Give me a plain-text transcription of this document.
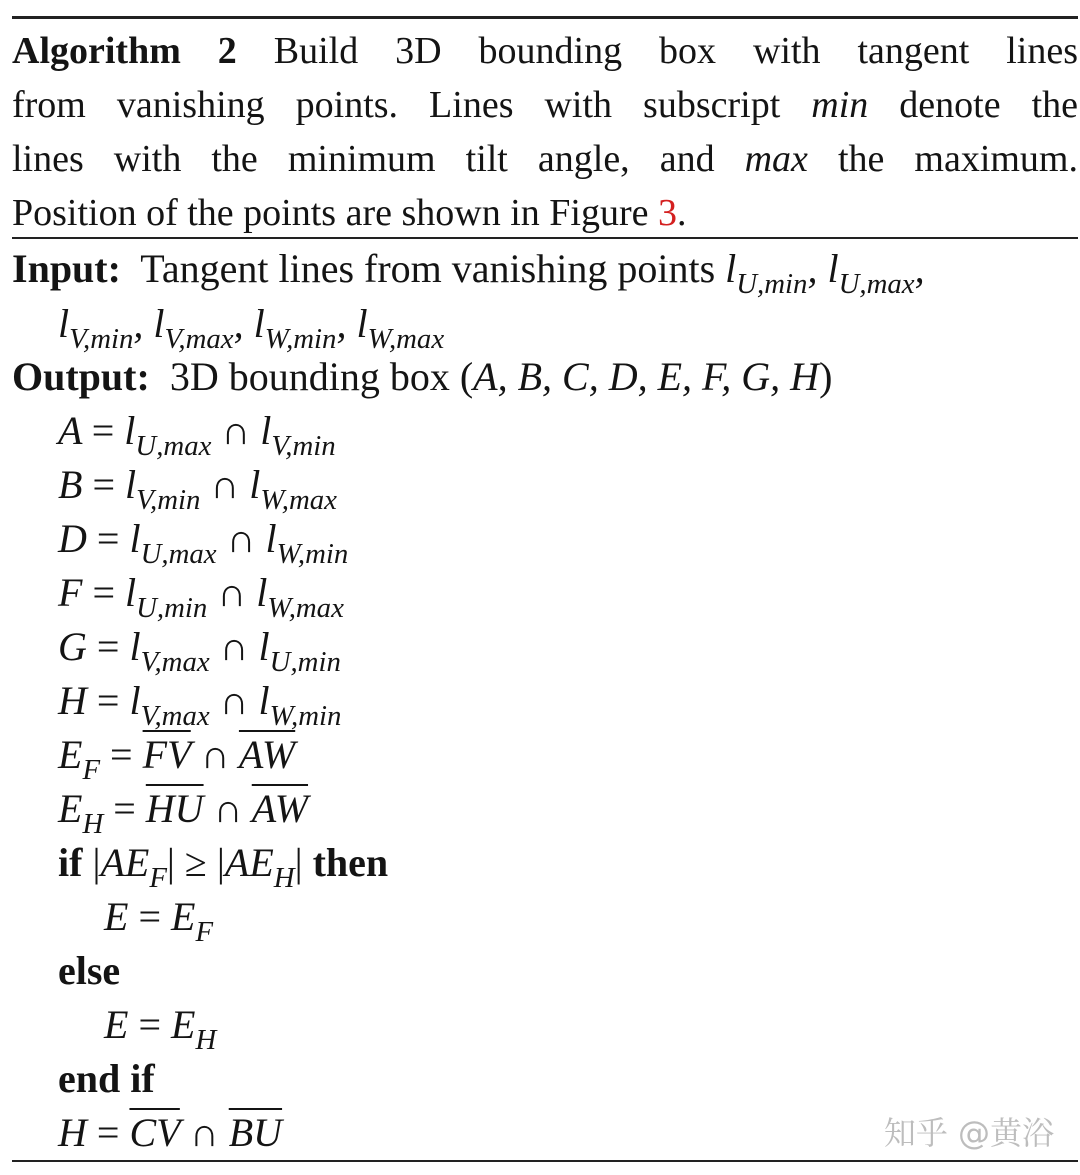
Algorithm 2 Build 3D bounding box with tangent lines
from vanishing points. Lines with subscript min denote the
lines with the minimum tilt angle, and max the maximum.
Position of the points are shown in Figure 3.
Input: Tangent lines from vanishing points $l_{U,min}$, $l_{U,max}$,
$l_{V,min}$, $l_{V,max}$, $l_{W,min}$, $l_{W,max}$
Output: 3D bounding box (A, B, C, D, E, F, G, H)
$A = l_{U,max}$ ∩ $l_{V,min}$
$B = l_{V,min}$ ∩ $l_{W,max}$
$D = l_{U,max}$ ∩ $l_{W,min}$
$F = l_{U,min}$ ∩ $l_{W,max}$
$G = l_{V,max}$ ∩ $l_{U,min}$
$H = l_{V,max}$ ∩ $l_{W,min}$
$E_F = \overline{FV}$ ∩ $\overline{AW}$
$E_H = \overline{HU}$ ∩ $\overline{AW}$
if $|AE_F| \ge |AE_H|$ then
$E = E_F$
else
$E = E_H$
end if
$H = \overline{CV}$ ∩ $\overline{BU}$	知乎 @黄浴
